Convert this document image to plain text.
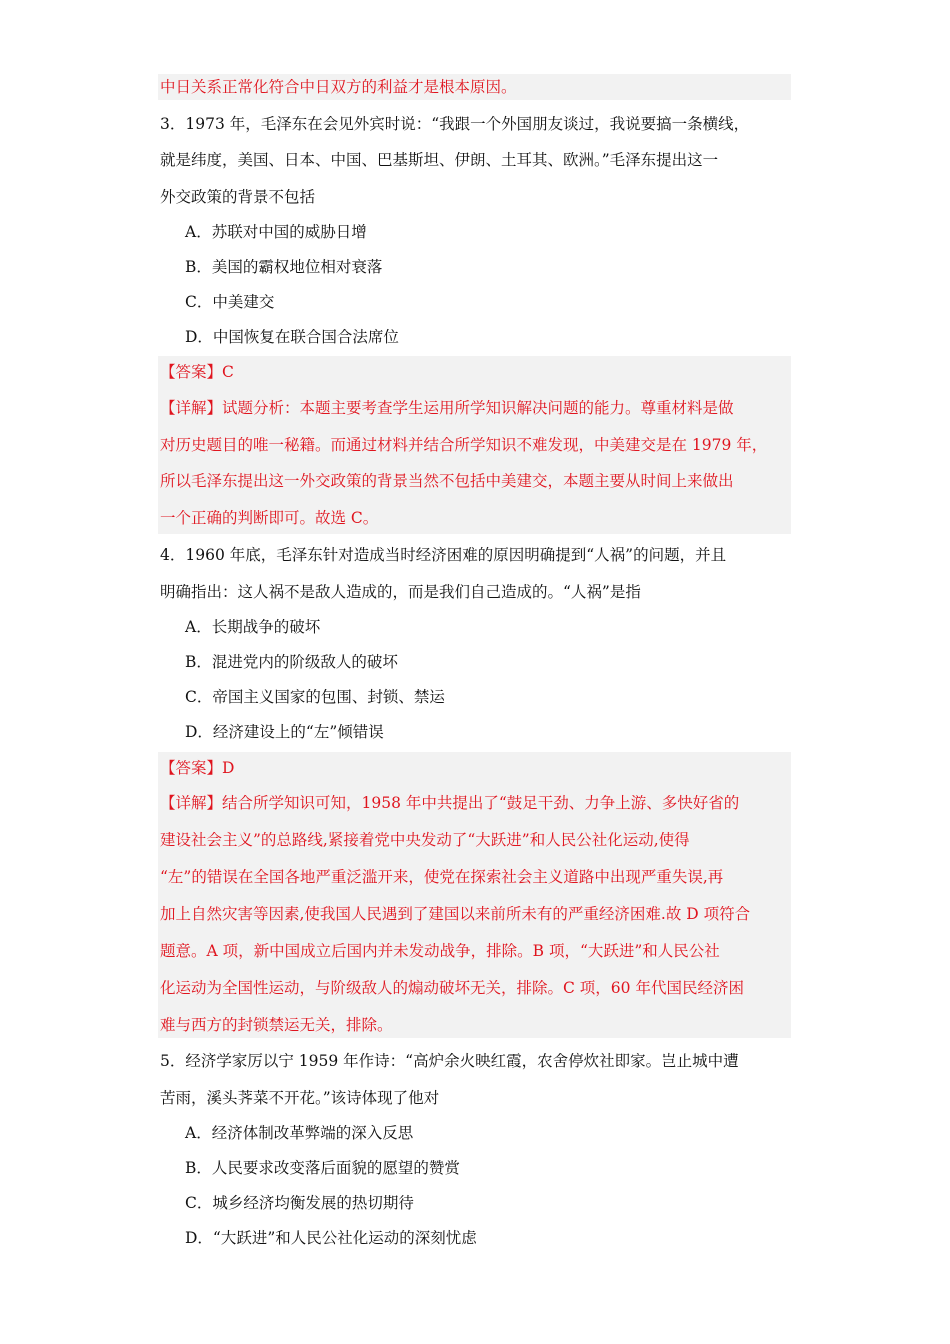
中日关系正常化符合中日双方的利益才是根本原因。
3．1973 年，毛泽东在会见外宾时说：“我跟一个外国朋友谈过，我说要搞一条横线，
就是纬度，美国、日本、中国、巴基斯坦、伊朗、土耳其、欧洲。”毛泽东提出这一
外交政策的背景不包括
A．苏联对中国的威胁日增
B．美国的霸权地位相对衰落
C．中美建交
D．中国恢复在联合国合法席位
【答案】C
【详解】试题分析：本题主要考查学生运用所学知识解决问题的能力。尊重材料是做
对历史题目的唯一秘籍。而通过材料并结合所学知识不难发现，中美建交是在 1979 年，
所以毛泽东提出这一外交政策的背景当然不包括中美建交，本题主要从时间上来做出
一个正确的判断即可。故选 C。
4．1960 年底，毛泽东针对造成当时经济困难的原因明确提到“人祸”的问题，并且
明确指出：这人祸不是敌人造成的，而是我们自己造成的。“人祸”是指
A．长期战争的破坏
B．混进党内的阶级敌人的破坏
C．帝国主义国家的包围、封锁、禁运
D．经济建设上的“左”倾错误
【答案】D
【详解】结合所学知识可知，1958 年中共提出了“鼓足干劲、力争上游、多快好省的
建设社会主义”的总路线,紧接着党中央发动了“大跃进”和人民公社化运动,使得
“左”的错误在全国各地严重泛滥开来，使党在探索社会主义道路中出现严重失误,再
加上自然灾害等因素,使我国人民遇到了建国以来前所未有的严重经济困难.故 D 项符合
题意。A 项，新中国成立后国内并未发动战争，排除。B 项，“大跃进”和人民公社
化运动为全国性运动，与阶级敌人的煽动破坏无关，排除。C 项，60 年代国民经济困
难与西方的封锁禁运无关，排除。
5．经济学家厉以宁 1959 年作诗：“高炉余火映红霞，农舍停炊社即家。岂止城中遭
苦雨，溪头荠菜不开花。”该诗体现了他对
A．经济体制改革弊端的深入反思
B．人民要求改变落后面貌的愿望的赞赏
C．城乡经济均衡发展的热切期待
D．“大跃进”和人民公社化运动的深刻忧虑
